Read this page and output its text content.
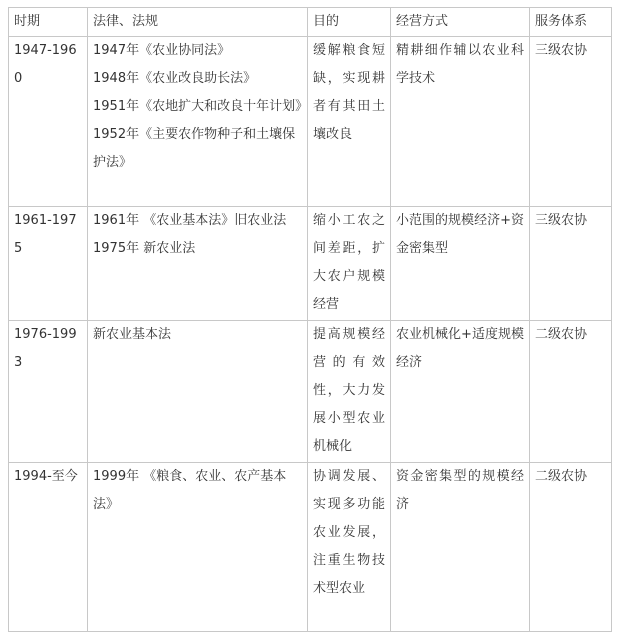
时期	法律、法规	目的	经营方式	服务体系
1947-1960	1947年《农业协同法》
1948年《农业改良助长法》
1951年《农地扩大和改良十年计划》
1952年《主要农作物种子和土壤保护法》	缓解粮食短缺，实现耕者有其田土壤改良	精耕细作辅以农业科学技术	三级农协
1961-1975	1961年 《农业基本法》旧农业法
1975年 新农业法	缩小工农之间差距，扩大农户规模经营	小范围的规模经济+资金密集型	三级农协
1976-1993	新农业基本法	提高规模经营的有效性，大力发展小型农业机械化	农业机械化+适度规模经济	二级农协
1994-至今	1999年 《粮食、农业、农产基本法》	协调发展、实现多功能农业发展，注重生物技术型农业	资金密集型的规模经济	二级农协
